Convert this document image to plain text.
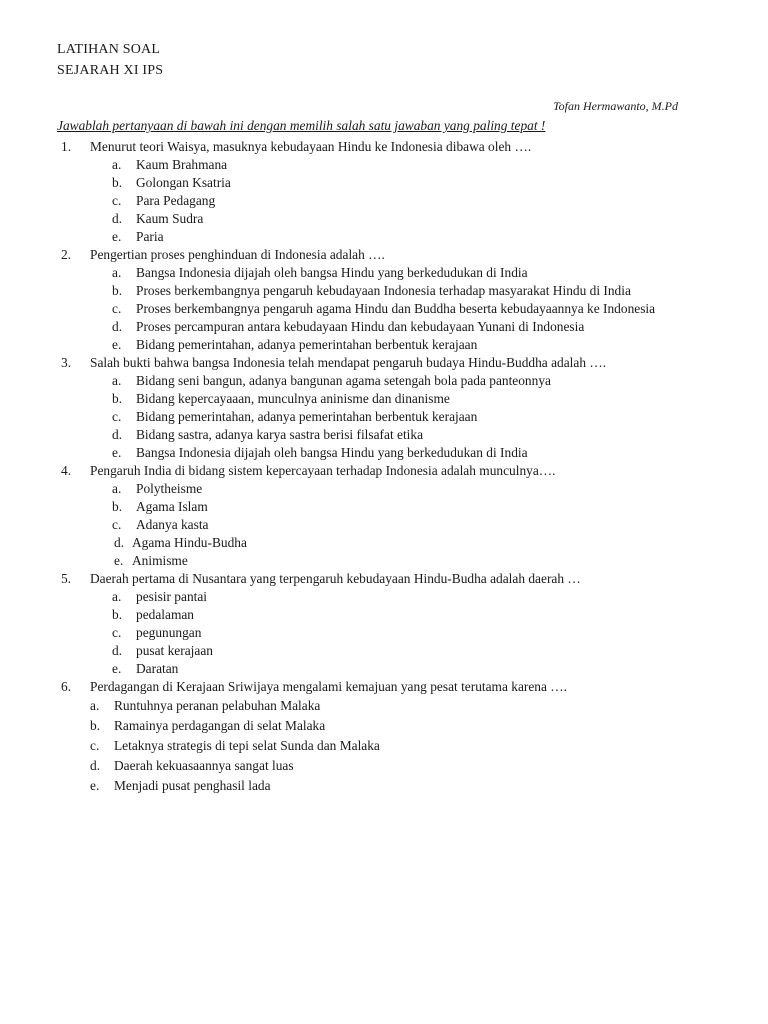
LATIHAN SOAL
SEJARAH XI IPS
Tofan Hermawanto, M.Pd
Jawablah pertanyaan di bawah ini dengan memilih salah satu jawaban yang paling tepat !
1.	Menurut teori Waisya, masuknya kebudayaan Hindu ke Indonesia dibawa oleh ….
a. Kaum Brahmana
b. Golongan Ksatria
c. Para Pedagang
d. Kaum Sudra
e. Paria
2.	Pengertian proses penghinduan di Indonesia adalah ….
a. Bangsa Indonesia dijajah oleh bangsa Hindu yang berkedudukan di India
b. Proses berkembangnya pengaruh kebudayaan Indonesia terhadap masyarakat Hindu di India
c. Proses berkembangnya pengaruh agama Hindu dan Buddha beserta kebudayaannya ke Indonesia
d. Proses percampuran antara kebudayaan Hindu dan kebudayaan Yunani di Indonesia
e. Bidang pemerintahan, adanya pemerintahan berbentuk kerajaan
3.	Salah bukti bahwa bangsa Indonesia telah mendapat pengaruh budaya Hindu-Buddha adalah ….
a. Bidang seni bangun, adanya bangunan agama setengah bola pada panteonnya
b. Bidang kepercayaaan, munculnya aninisme dan dinanisme
c. Bidang pemerintahan, adanya pemerintahan berbentuk kerajaan
d. Bidang sastra, adanya karya sastra berisi filsafat etika
e. Bangsa Indonesia dijajah oleh bangsa Hindu yang berkedudukan di India
4.	Pengaruh India di bidang sistem kepercayaan terhadap Indonesia adalah munculnya….
a. Polytheisme
b. Agama Islam
c. Adanya kasta
d. Agama Hindu-Budha
e. Animisme
5.	Daerah pertama di Nusantara yang terpengaruh kebudayaan Hindu-Budha adalah daerah …
a. pesisir pantai
b. pedalaman
c. pegunungan
d. pusat kerajaan
e. Daratan
6.	Perdagangan di Kerajaan Sriwijaya mengalami kemajuan yang pesat terutama karena ….
a. Runtuhnya peranan pelabuhan Malaka
b. Ramainya perdagangan di selat Malaka
c. Letaknya strategis di tepi selat Sunda dan Malaka
d. Daerah kekuasaannya sangat luas
e. Menjadi pusat penghasil lada
